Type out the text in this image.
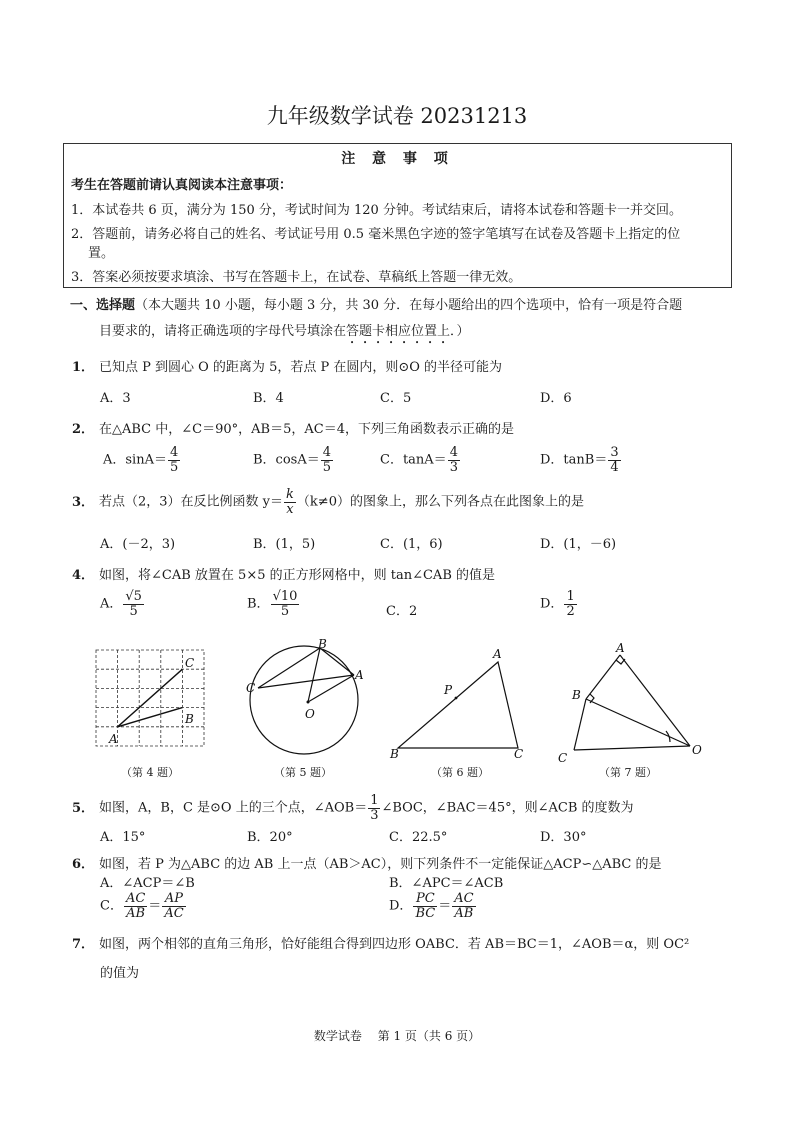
九年级数学试卷 20231213
注 意 事 项
考生在答题前请认真阅读本注意事项：
1．本试卷共 6 页，满分为 150 分，考试时间为 120 分钟。考试结束后，请将本试卷和答题卡一并交回。
2．答题前，请务必将自己的姓名、考试证号用 0.5 毫米黑色字迹的签字笔填写在试卷及答题卡上指定的位
置。
3．答案必须按要求填涂、书写在答题卡上，在试卷、草稿纸上答题一律无效。
一、选择题（本大题共 10 小题，每小题 3 分，共 30 分．在每小题给出的四个选项中，恰有一项是符合题
目要求的，请将正确选项的字母代号填涂在答题卡相应位置上．）
1． 已知点 P 到圆心 O 的距离为 5，若点 P 在圆内，则⊙O 的半径可能为
A．3	B．4	C．5	D．6
2． 在△ABC 中，∠C＝90°，AB＝5，AC＝4，下列三角函数表示正确的是
A．$\sin A= \frac{4}{5}$	B．$\cos A= \frac{4}{5}$	C．$\tan A= \frac{4}{3}$	D．$\tan B= \frac{3}{4}$
3． 若点（2，3）在反比例函数 $y= \frac{k}{x} (k\ne 0)$的图象上，那么下列各点在此图象上的是
A．(－2，3)	B．(1，5)	C．(1，6)	D．(1，－6)
4． 如图，将∠CAB 放置在 5×5 的正方形网格中，则 tan∠CAB 的值是
A． $\frac{√5}{5}$	B． $\frac{√10}{5}$	C．2	D． $\frac{1}{2}$
C
B
A
（第 4 题）
B
A
C
O
（第 5 题）
A
P
B	C
（第 6 题）
A
B
C
O
（第 7 题）
5． 如图，A，B，C 是⊙O 上的三个点，∠AOB＝ $\frac{1}{3}$ ∠BOC，∠BAC＝45°，则∠ACB 的度数为
A．15°	B．20°	C．22.5°	D．30°
6． 如图，若 P 为△ABC 的边 AB 上一点（AB＞AC），则下列条件不一定能保证△ACP∽△ABC 的是
A．∠ACP＝∠B	B．∠APC＝∠ACB
C． $\frac{AC}{AB} = \frac{AP}{AC}$	D． $\frac{PC}{BC} = \frac{AC}{AB}$
7． 如图，两个相邻的直角三角形，恰好能组合得到四边形 OABC．若 AB＝BC＝1，∠AOB＝α，则 OC²
的值为
数学试卷　 第 1 页（共 6 页）
